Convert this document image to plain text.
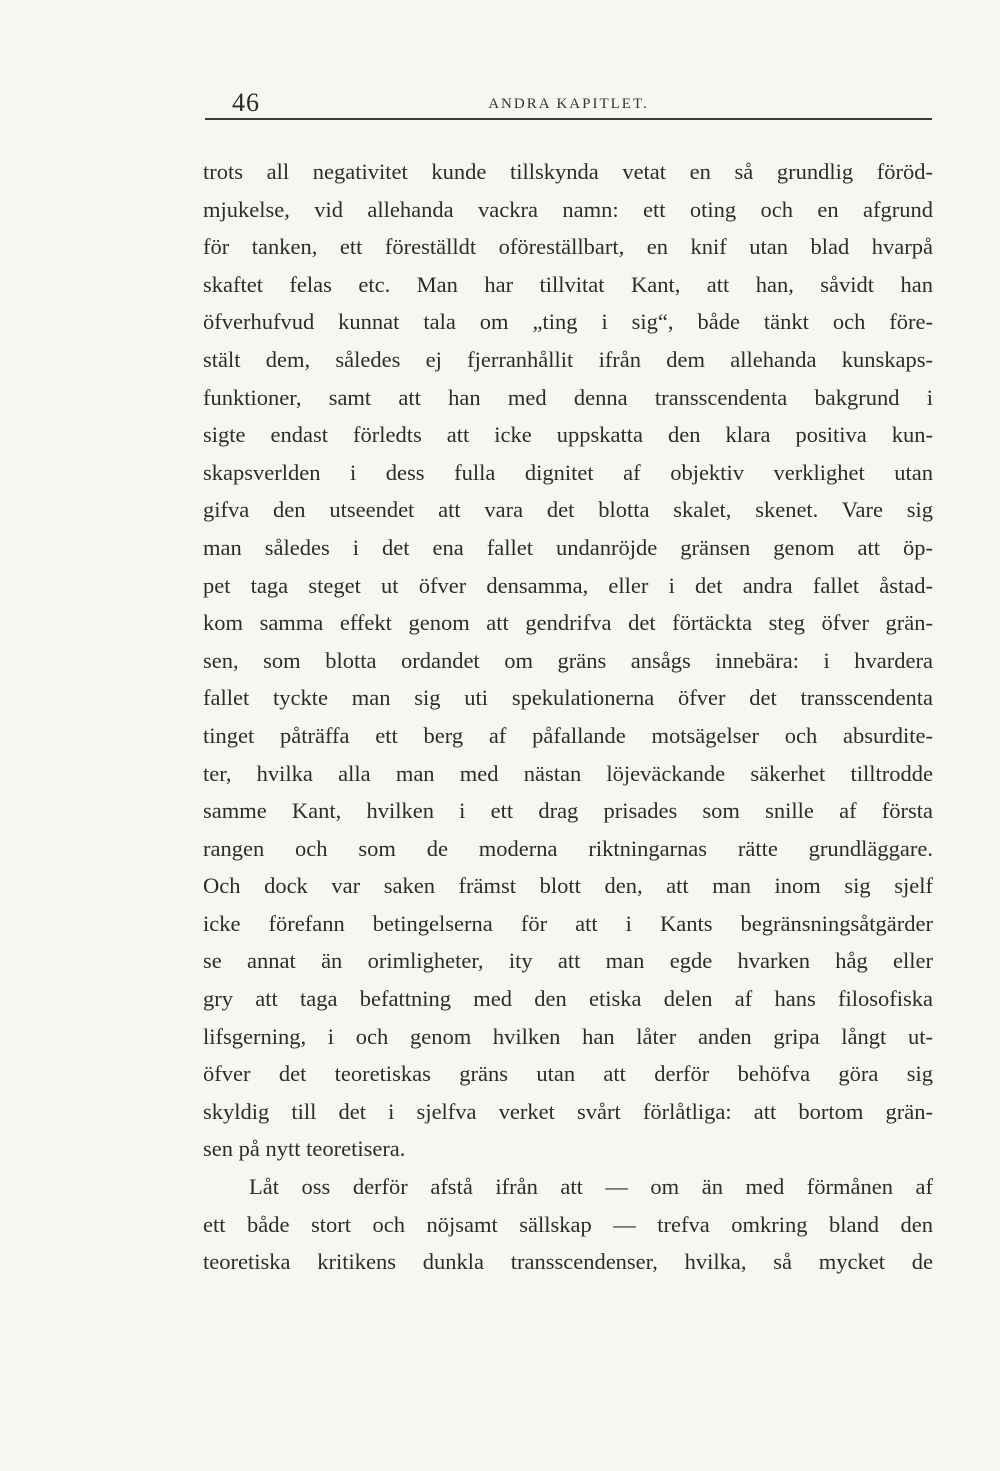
46	ANDRA KAPITLET.
trots all negativitet kunde tillskynda vetat en så grundlig föröd-
mjukelse, vid allehanda vackra namn: ett oting och en afgrund
för tanken, ett föreställdt oföreställbart, en knif utan blad hvarpå
skaftet felas etc. Man har tillvitat Kant, att han, såvidt han
öfverhufvud kunnat tala om „ting i sig“, både tänkt och före-
stält dem, således ej fjerranhållit ifrån dem allehanda kunskaps-
funktioner, samt att han med denna transscendenta bakgrund i
sigte endast förledts att icke uppskatta den klara positiva kun-
skapsverlden i dess fulla dignitet af objektiv verklighet utan
gifva den utseendet att vara det blotta skalet, skenet. Vare sig
man således i det ena fallet undanröjde gränsen genom att öp-
pet taga steget ut öfver densamma, eller i det andra fallet åstad-
kom samma effekt genom att gendrifva det förtäckta steg öfver grän-
sen, som blotta ordandet om gräns ansågs innebära: i hvardera
fallet tyckte man sig uti spekulationerna öfver det transscendenta
tinget påträffa ett berg af påfallande motsägelser och absurdite-
ter, hvilka alla man med nästan löjeväckande säkerhet tilltrodde
samme Kant, hvilken i ett drag prisades som snille af första
rangen och som de moderna riktningarnas rätte grundläggare.
Och dock var saken främst blott den, att man inom sig sjelf
icke förefann betingelserna för att i Kants begränsningsåtgärder
se annat än orimligheter, ity att man egde hvarken håg eller
gry att taga befattning med den etiska delen af hans filosofiska
lifsgerning, i och genom hvilken han låter anden gripa långt ut-
öfver det teoretiskas gräns utan att derför behöfva göra sig
skyldig till det i sjelfva verket svårt förlåtliga: att bortom grän-
sen på nytt teoretisera.
Låt oss derför afstå ifrån att — om än med förmånen af
ett både stort och nöjsamt sällskap — trefva omkring bland den
teoretiska kritikens dunkla transscendenser, hvilka, så mycket de
